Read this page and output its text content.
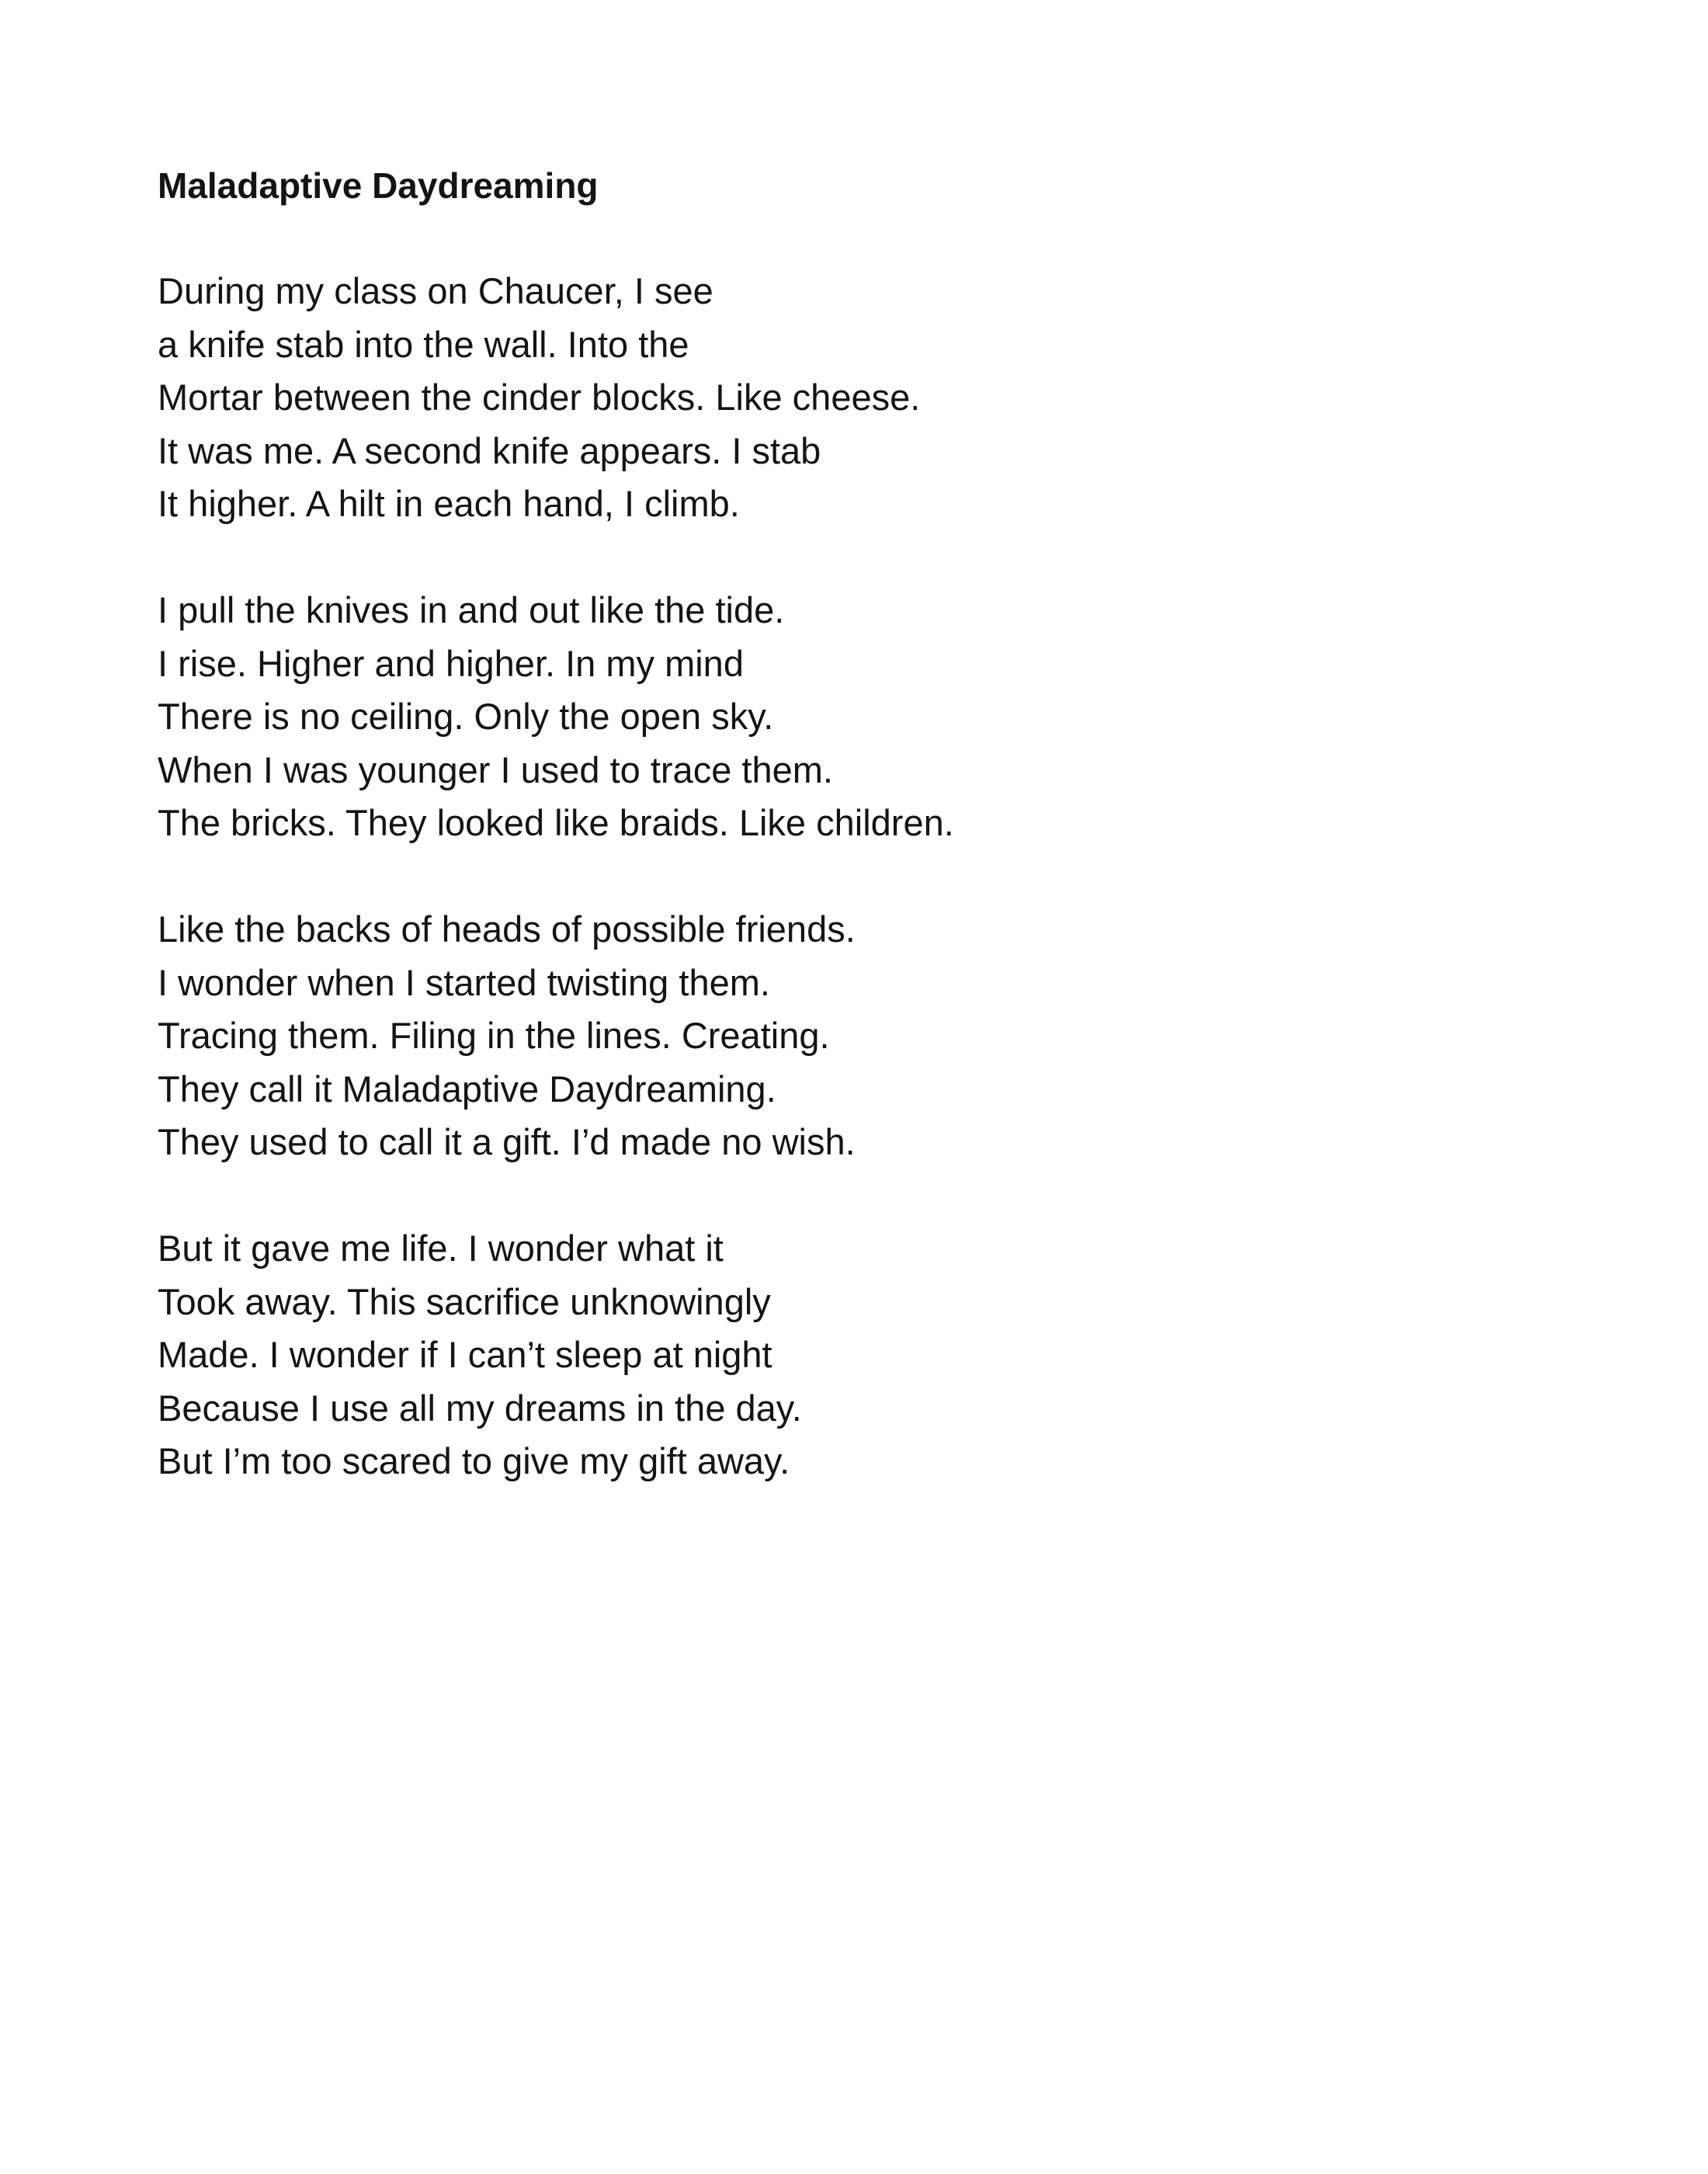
Maladaptive Daydreaming
During my class on Chaucer, I see
a knife stab into the wall. Into the
Mortar between the cinder blocks. Like cheese.
It was me. A second knife appears. I stab
It higher. A hilt in each hand, I climb.
I pull the knives in and out like the tide.
I rise. Higher and higher. In my mind
There is no ceiling. Only the open sky.
When I was younger I used to trace them.
The bricks. They looked like braids. Like children.
Like the backs of heads of possible friends.
I wonder when I started twisting them.
Tracing them. Filing in the lines. Creating.
They call it Maladaptive Daydreaming.
They used to call it a gift. I’d made no wish.
But it gave me life. I wonder what it
Took away. This sacrifice unknowingly
Made. I wonder if I can’t sleep at night
Because I use all my dreams in the day.
But I’m too scared to give my gift away.
